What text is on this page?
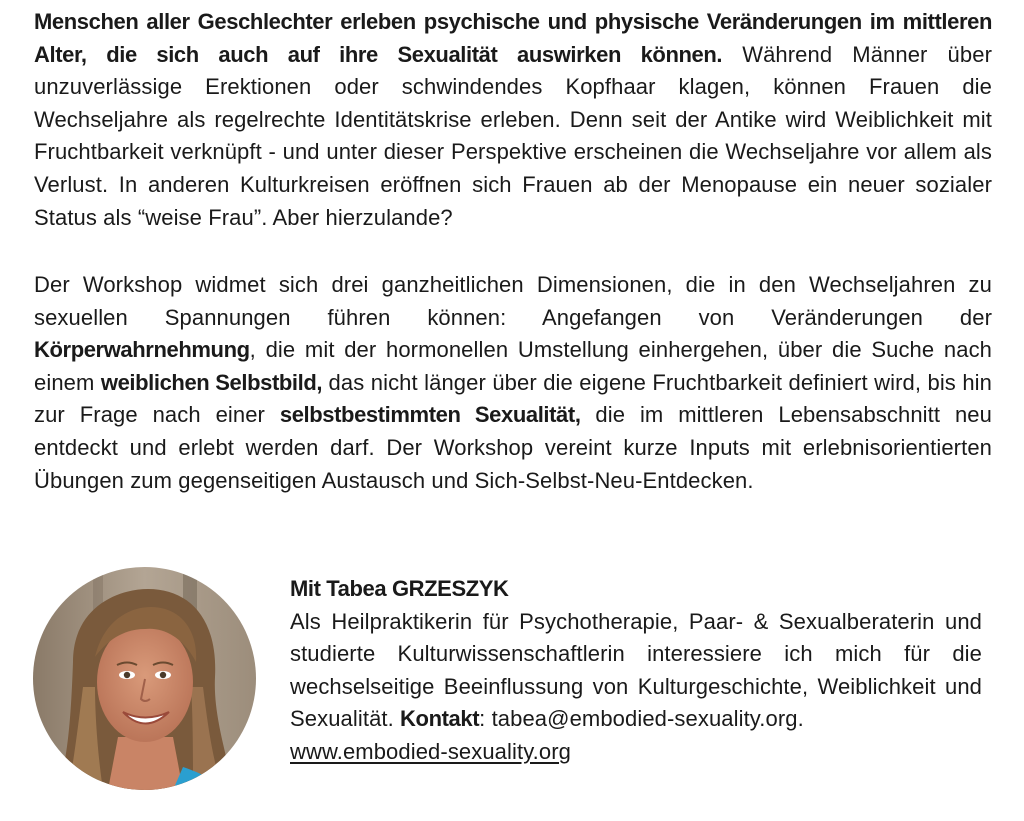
Menschen aller Geschlechter erleben psychische und physische Veränderungen im mittleren Alter, die sich auch auf ihre Sexualität auswirken können. Während Männer über unzuverlässige Erektionen oder schwindendes Kopfhaar klagen, können Frauen die Wechseljahre als regelrechte Identitätskrise erleben. Denn seit der Antike wird Weiblichkeit mit Fruchtbarkeit verknüpft - und unter dieser Perspektive erscheinen die Wechseljahre vor allem als Verlust. In anderen Kulturkreisen eröffnen sich Frauen ab der Menopause ein neuer sozialer Status als “weise Frau”. Aber hierzulande?

Der Workshop widmet sich drei ganzheitlichen Dimensionen, die in den Wechseljahren zu sexuellen Spannungen führen können: Angefangen von Veränderungen der Körperwahrnehmung, die mit der hormonellen Umstellung einhergehen, über die Suche nach einem weiblichen Selbstbild, das nicht länger über die eigene Fruchtbarkeit definiert wird, bis hin zur Frage nach einer selbstbestimmten Sexualität, die im mittleren Lebensabschnitt neu entdeckt und erlebt werden darf. Der Workshop vereint kurze Inputs mit erlebnisorientierten Übungen zum gegenseitigen Austausch und Sich-Selbst-Neu-Entdecken.

Mit Tabea GRZESZYK
Als Heilpraktikerin für Psychotherapie, Paar- & Sexualberaterin und studierte Kulturwissenschaftlerin interessiere ich mich für die wechselseitige Beeinflussung von Kulturgeschichte, Weiblichkeit und Sexualität. Kontakt: tabea@embodied-sexuality.org.
www.embodied-sexuality.org
